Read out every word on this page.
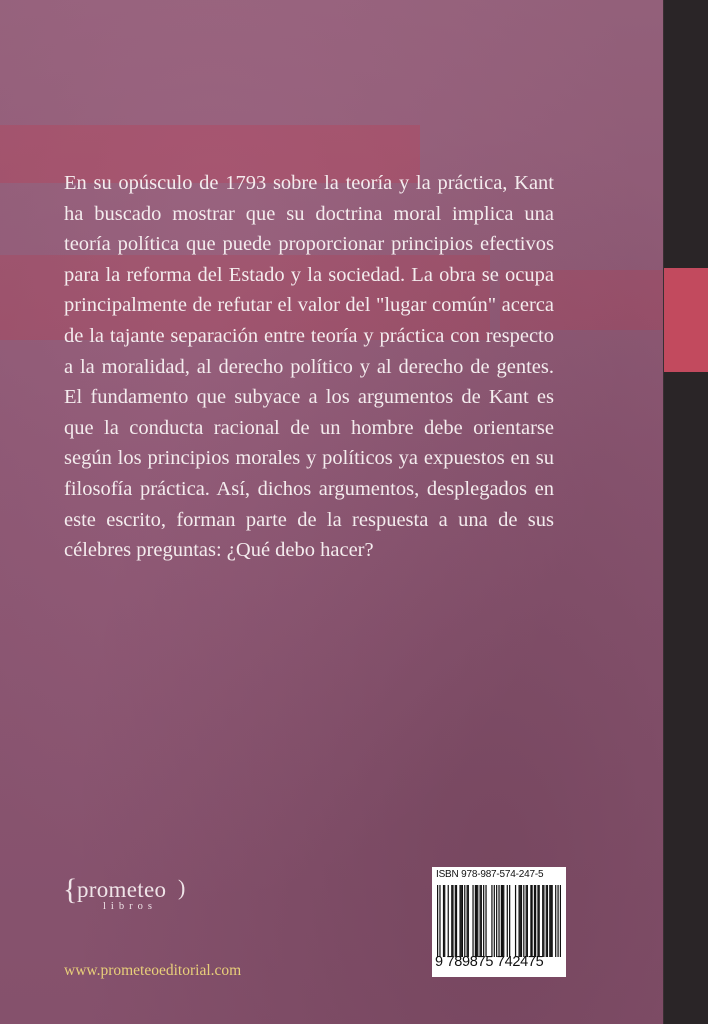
En su opúsculo de 1793 sobre la teoría y la práctica, Kant ha buscado mostrar que su doctrina moral implica una teoría política que puede proporcionar principios efectivos para la reforma del Estado y la sociedad. La obra se ocupa principalmente de refutar el valor del "lugar común" acerca de la tajante separación entre teoría y práctica con respecto a la moralidad, al derecho político y al derecho de gentes. El fundamento que subyace a los argumentos de Kant es que la conducta racional de un hombre debe orientarse según los principios morales y políticos ya expuestos en su filosofía práctica. Así, dichos argumentos, desplegados en este escrito, forman parte de la respuesta a una de sus célebres preguntas: ¿Qué debo hacer?

{ prometeo )
libros
www.prometeoeditorial.com
ISBN 978-987-574-247-5
9 789875 742475
